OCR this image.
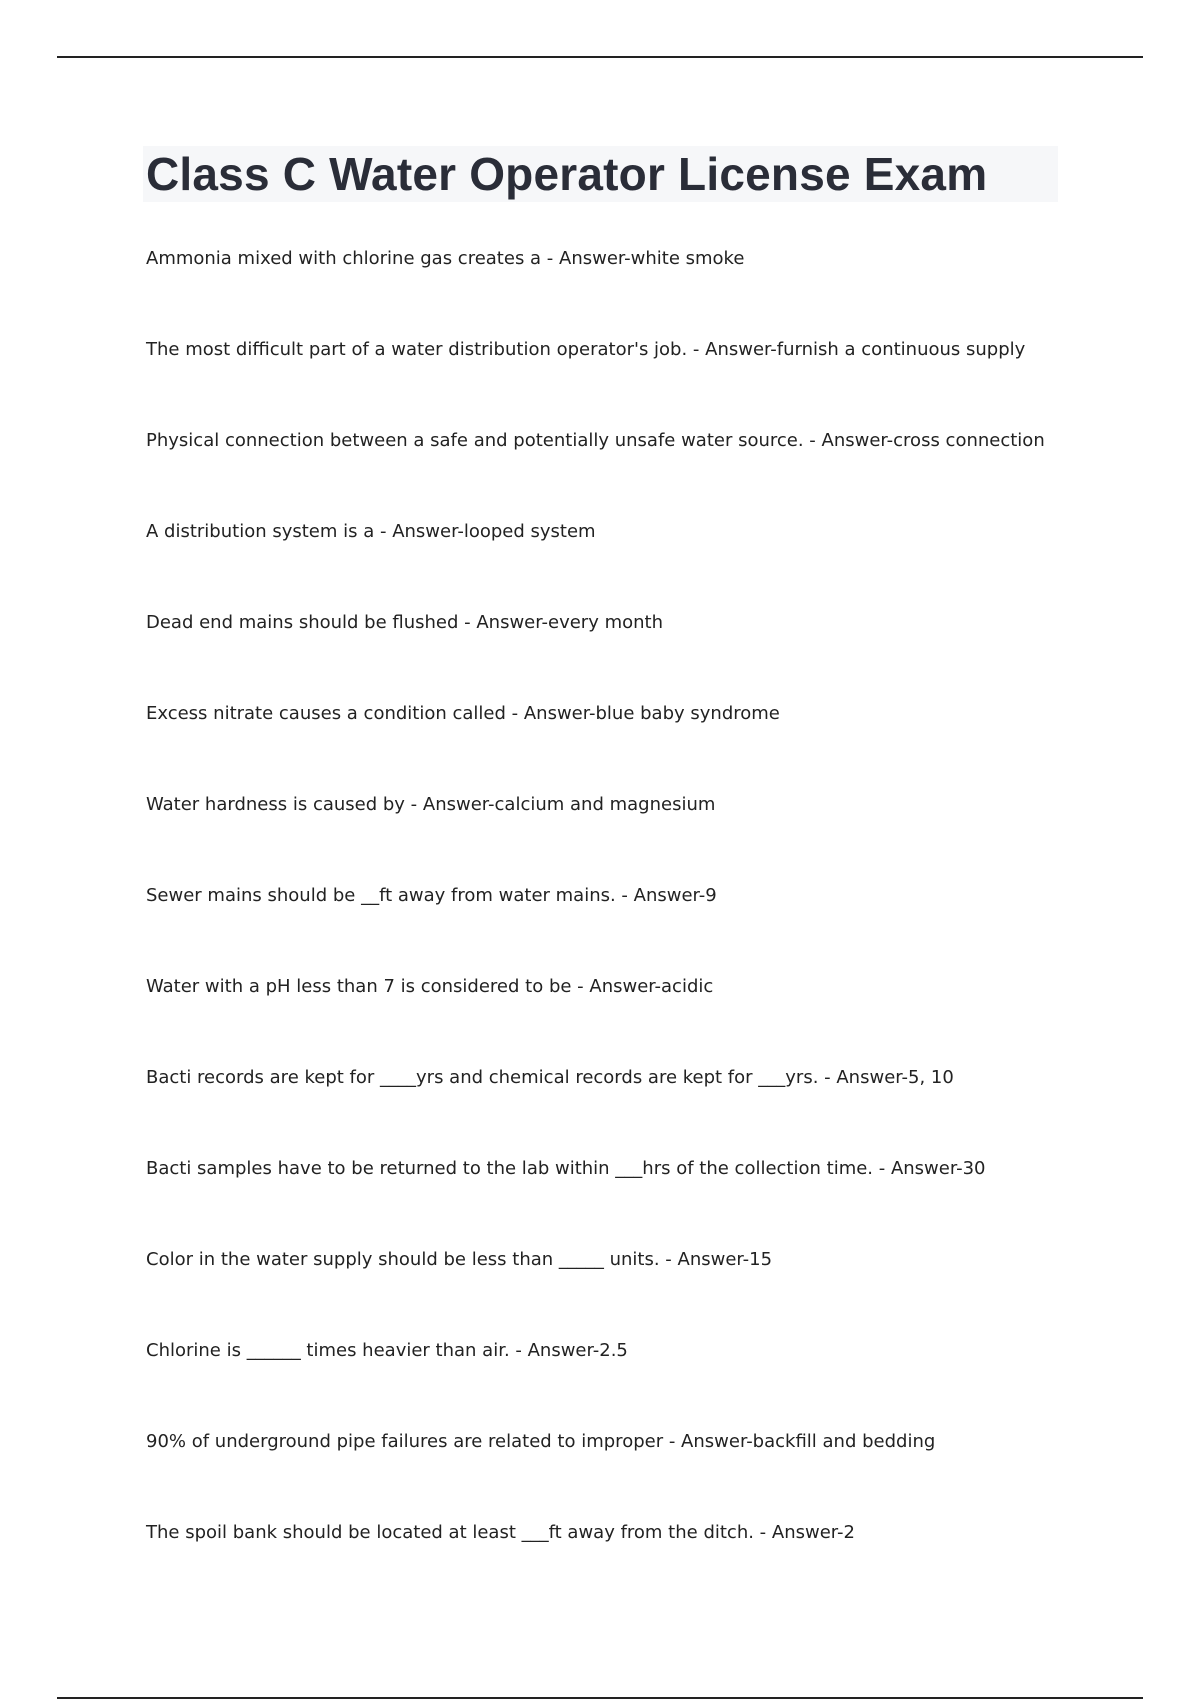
Class C Water Operator License Exam
Ammonia mixed with chlorine gas creates a - Answer-white smoke
The most difficult part of a water distribution operator's job. - Answer-furnish a continuous supply
Physical connection between a safe and potentially unsafe water source. - Answer-cross connection
A distribution system is a - Answer-looped system
Dead end mains should be flushed - Answer-every month
Excess nitrate causes a condition called - Answer-blue baby syndrome
Water hardness is caused by - Answer-calcium and magnesium
Sewer mains should be __ft away from water mains. - Answer-9
Water with a pH less than 7 is considered to be - Answer-acidic
Bacti records are kept for ____yrs and chemical records are kept for ___yrs. - Answer-5, 10
Bacti samples have to be returned to the lab within ___hrs of the collection time. - Answer-30
Color in the water supply should be less than _____ units. - Answer-15
Chlorine is ______ times heavier than air. - Answer-2.5
90% of underground pipe failures are related to improper - Answer-backfill and bedding
The spoil bank should be located at least ___ft away from the ditch. - Answer-2
